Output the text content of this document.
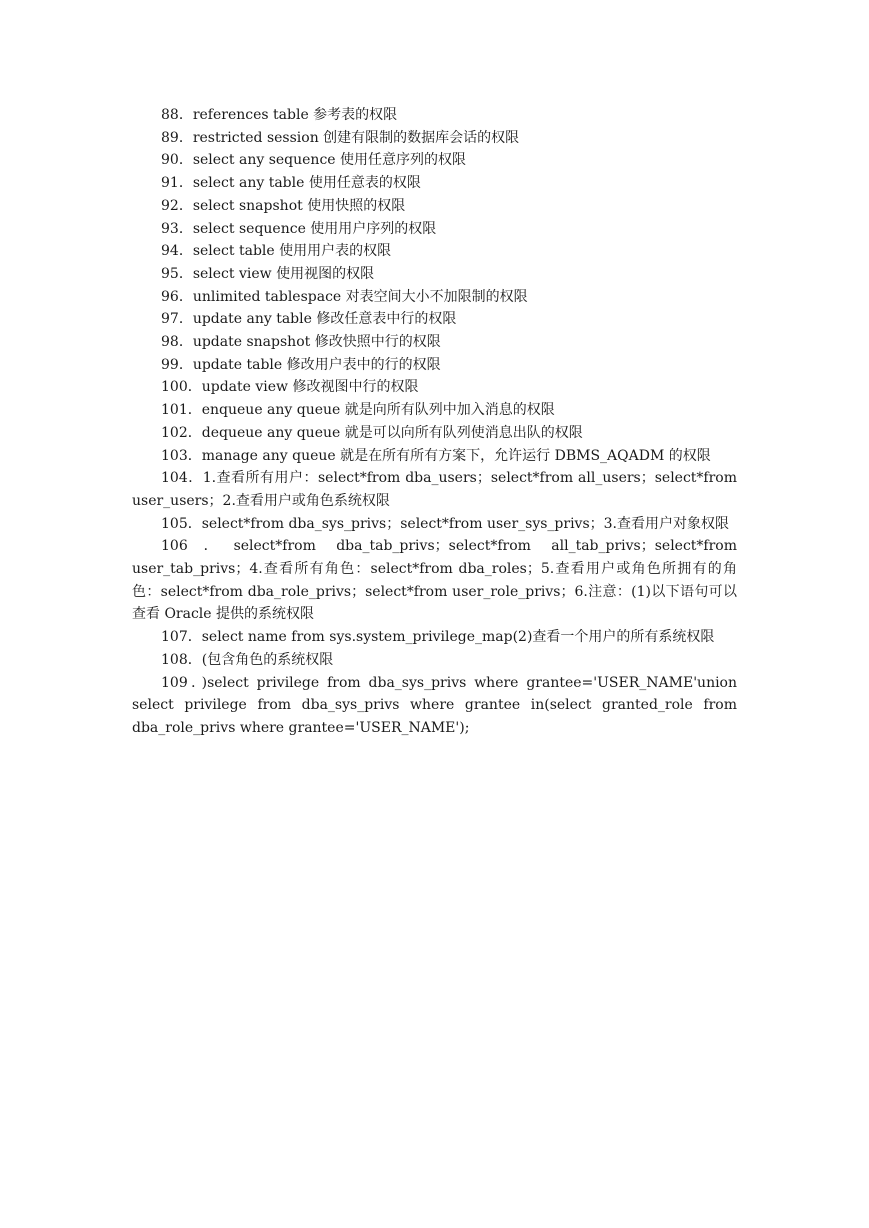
88．references table 参考表的权限

89．restricted session 创建有限制的数据库会话的权限

90．select any sequence 使用任意序列的权限

91．select any table 使用任意表的权限

92．select snapshot 使用快照的权限

93．select sequence 使用用户序列的权限

94．select table 使用用户表的权限

95．select view 使用视图的权限

96．unlimited tablespace 对表空间大小不加限制的权限

97．update any table 修改任意表中行的权限

98．update snapshot 修改快照中行的权限

99．update table 修改用户表中的行的权限

100．update view 修改视图中行的权限

101．enqueue any queue 就是向所有队列中加入消息的权限

102．dequeue any queue 就是可以向所有队列使消息出队的权限

103．manage any queue 就是在所有所有方案下，允许运行 DBMS_AQADM 的权限

104．1.查看所有用户：select*from dba_users；select*from all_users；select*from user_users；2.查看用户或角色系统权限

105．select*from dba_sys_privs；select*from user_sys_privs；3.查看用户对象权限

106．select*from dba_tab_privs；select*from all_tab_privs；select*from user_tab_privs；4.查看所有角色：select*from dba_roles；5.查看用户或角色所拥有的角色：select*from dba_role_privs；select*from user_role_privs；6.注意：(1)以下语句可以查看 Oracle 提供的系统权限

107．select name from sys.system_privilege_map(2)查看一个用户的所有系统权限

108．(包含角色的系统权限

109．)select privilege from dba_sys_privs where grantee='USER_NAME'union select privilege from dba_sys_privs where grantee in(select granted_role from dba_role_privs where grantee='USER_NAME');
